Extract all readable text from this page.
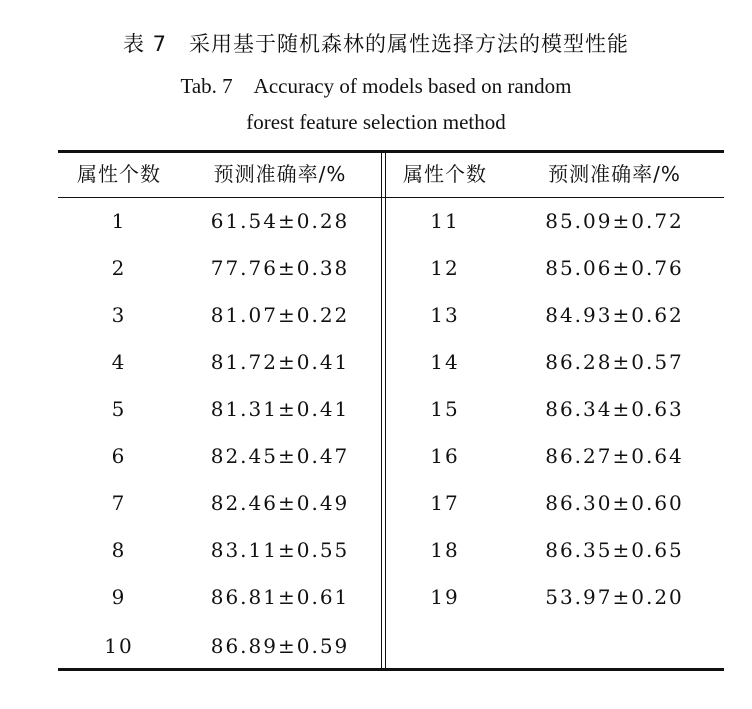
表 7　采用基于随机森林的属性选择方法的模型性能
Tab. 7　Accuracy of models based on random
forest feature selection method
属性个数	预测准确率/%	属性个数	预测准确率/%
1	61.54±0.28	11	85.09±0.72
2	77.76±0.38	12	85.06±0.76
3	81.07±0.22	13	84.93±0.62
4	81.72±0.41	14	86.28±0.57
5	81.31±0.41	15	86.34±0.63
6	82.45±0.47	16	86.27±0.64
7	82.46±0.49	17	86.30±0.60
8	83.11±0.55	18	86.35±0.65
9	86.81±0.61	19	53.97±0.20
10	86.89±0.59
